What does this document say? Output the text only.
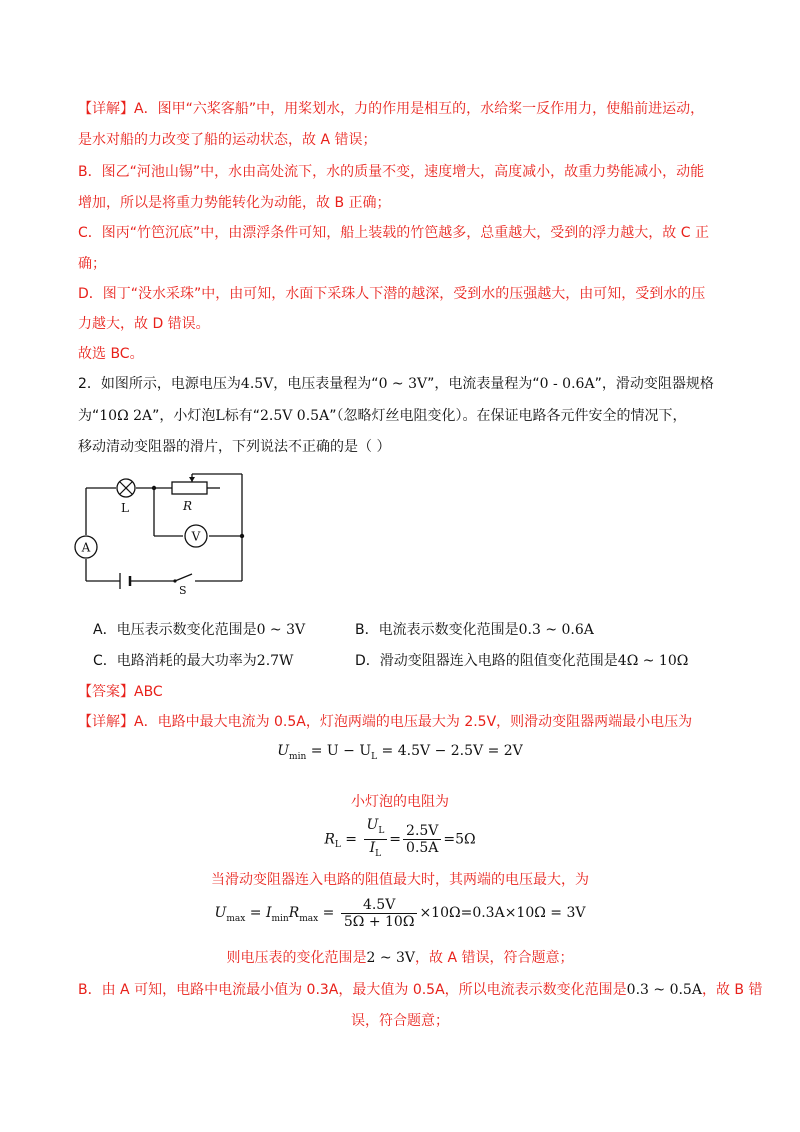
【详解】A．图甲“六桨客船”中，用桨划水，力的作用是相互的，水给桨一反作用力，使船前进运动，
是水对船的力改变了船的运动状态，故 A 错误；
B．图乙“河池山锡”中，水由高处流下，水的质量不变，速度增大，高度减小，故重力势能减小，动能
增加，所以是将重力势能转化为动能，故 B 正确；
C．图丙“竹笆沉底”中，由漂浮条件可知，船上装载的竹笆越多，总重越大，受到的浮力越大，故 C 正
确；
D．图丁“没水采珠”中，由可知，水面下采珠人下潜的越深，受到水的压强越大，由可知，受到水的压
力越大，故 D 错误。
故选 BC。
2．如图所示，电源电压为4.5V，电压表量程为“0 ~ 3V”，电流表量程为“0 - 0.6A”，滑动变阻器规格
为“10Ω 2A”，小灯泡L标有“2.5V 0.5A”（忽略灯丝电阻变化）。在保证电路各元件安全的情况下，
移动清动变阻器的滑片，下列说法不正确的是（ ）
L	R
V
A
S
A．电压表示数变化范围是0 ~ 3V	B．电流表示数变化范围是0.3 ~ 0.6A
C．电路消耗的最大功率为2.7W	D．滑动变阻器连入电路的阻值变化范围是4Ω ~ 10Ω
【答案】ABC
【详解】A．电路中最大电流为 0.5A，灯泡两端的电压最大为 2.5V，则滑动变阻器两端最小电压为
$U_{min} = U - U_L = 4.5V - 2.5V = 2V$
小灯泡的电阻为
$R_L = \frac{U_L}{I_L} = \frac{2.5V}{0.5A} =5\Omega$
当滑动变阻器连入电路的阻值最大时，其两端的电压最大，为
$U_{max} = I_{min}R_{max} = \frac{4.5V}{5\Omega + 10\Omega} \times 10\Omega=0.3A\times 10\Omega = 3V$
则电压表的变化范围是2 ~ 3V，故 A 错误，符合题意；
B．由 A 可知，电路中电流最小值为 0.3A，最大值为 0.5A，所以电流表示数变化范围是0.3 ~ 0.5A，故 B 错
误，符合题意；
